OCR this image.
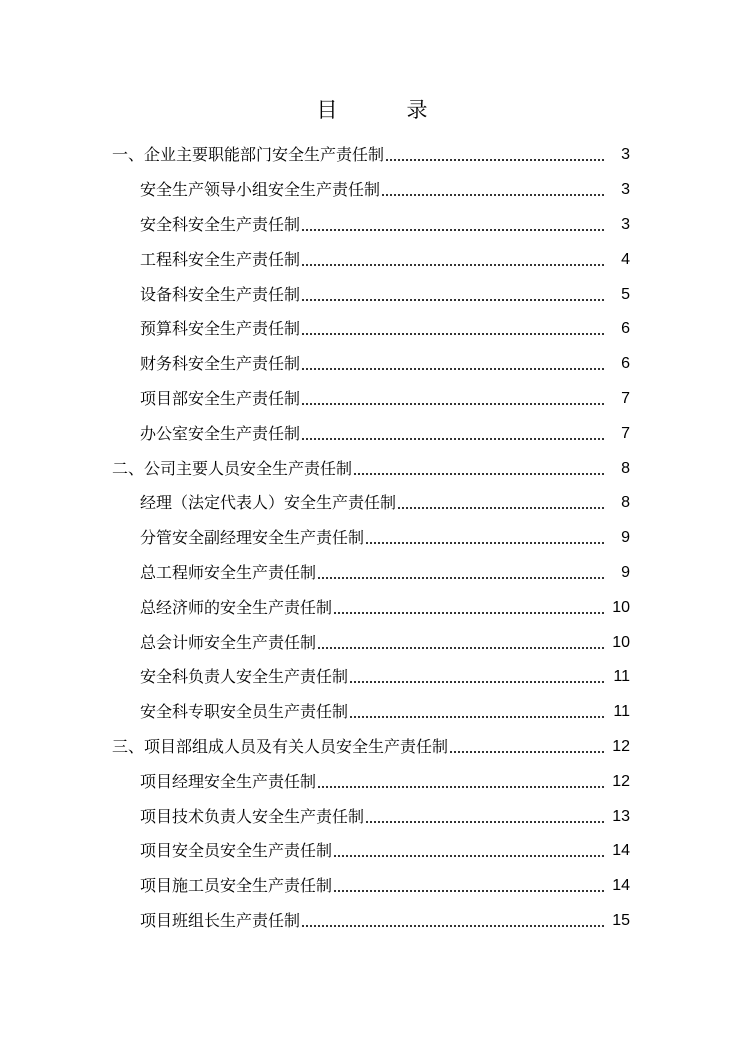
目　录
一、企业主要职能部门安全生产责任制	3
安全生产领导小组安全生产责任制	3
安全科安全生产责任制	3
工程科安全生产责任制	4
设备科安全生产责任制	5
预算科安全生产责任制	6
财务科安全生产责任制	6
项目部安全生产责任制	7
办公室安全生产责任制	7
二、公司主要人员安全生产责任制	8
经理（法定代表人）安全生产责任制	8
分管安全副经理安全生产责任制	9
总工程师安全生产责任制	9
总经济师的安全生产责任制	10
总会计师安全生产责任制	10
安全科负责人安全生产责任制	11
安全科专职安全员生产责任制	11
三、项目部组成人员及有关人员安全生产责任制	12
项目经理安全生产责任制	12
项目技术负责人安全生产责任制	13
项目安全员安全生产责任制	14
项目施工员安全生产责任制	14
项目班组长生产责任制	15
